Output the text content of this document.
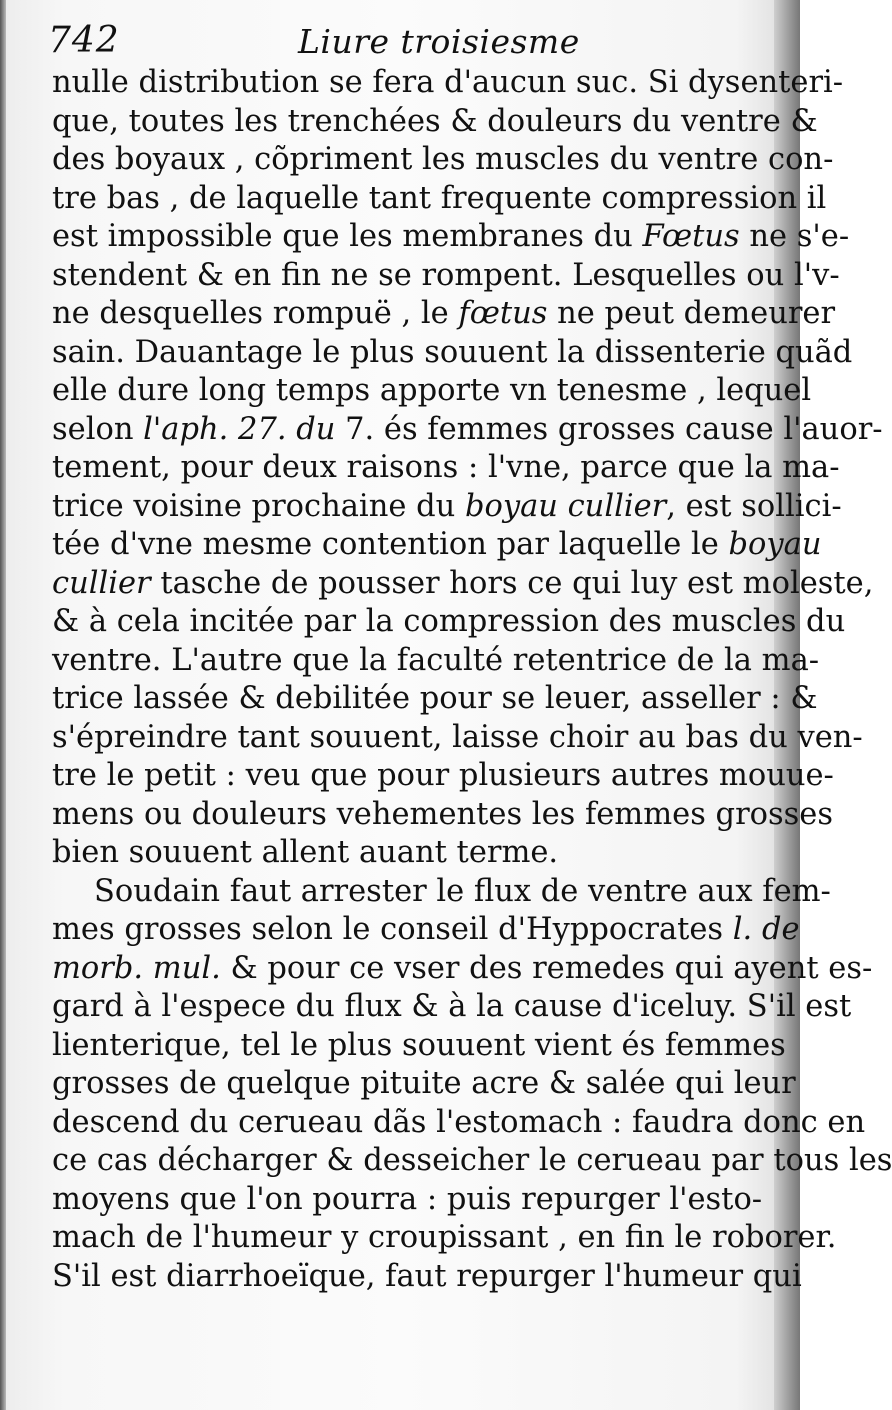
742	Liure troisiesme
nulle distribution se fera d'aucun suc. Si dysenteri-
que, toutes les trenchées & douleurs du ventre &
des boyaux , cõpriment les muscles du ventre con-
tre bas , de laquelle tant frequente compression il
est impossible que les membranes du Fœtus ne s'e-
stendent & en fin ne se rompent. Lesquelles ou l'v-
ne desquelles rompuë , le fœtus ne peut demeurer
sain. Dauantage le plus souuent la dissenterie quãd
elle dure long temps apporte vn tenesme , lequel
selon l'aph. 27. du 7. és femmes grosses cause l'auor-
tement, pour deux raisons : l'vne, parce que la ma-
trice voisine prochaine du boyau cullier, est sollici-
tée d'vne mesme contention par laquelle le boyau
cullier tasche de pousser hors ce qui luy est moleste,
& à cela incitée par la compression des muscles du
ventre. L'autre que la faculté retentrice de la ma-
trice lassée & debilitée pour se leuer, asseller : &
s'épreindre tant souuent, laisse choir au bas du ven-
tre le petit : veu que pour plusieurs autres mouue-
mens ou douleurs vehementes les femmes grosses
bien souuent allent auant terme.
Soudain faut arrester le flux de ventre aux fem-
mes grosses selon le conseil d'Hyppocrates l. de
morb. mul. & pour ce vser des remedes qui ayent es-
gard à l'espece du flux & à la cause d'iceluy. S'il est
lienterique, tel le plus souuent vient és femmes
grosses de quelque pituite acre & salée qui leur
descend du cerueau dãs l'estomach : faudra donc en
ce cas décharger & desseicher le cerueau par tous les
moyens que l'on pourra : puis repurger l'esto-
mach de l'humeur y croupissant , en fin le roborer.
S'il est diarrhoeïque, faut repurger l'humeur qui
